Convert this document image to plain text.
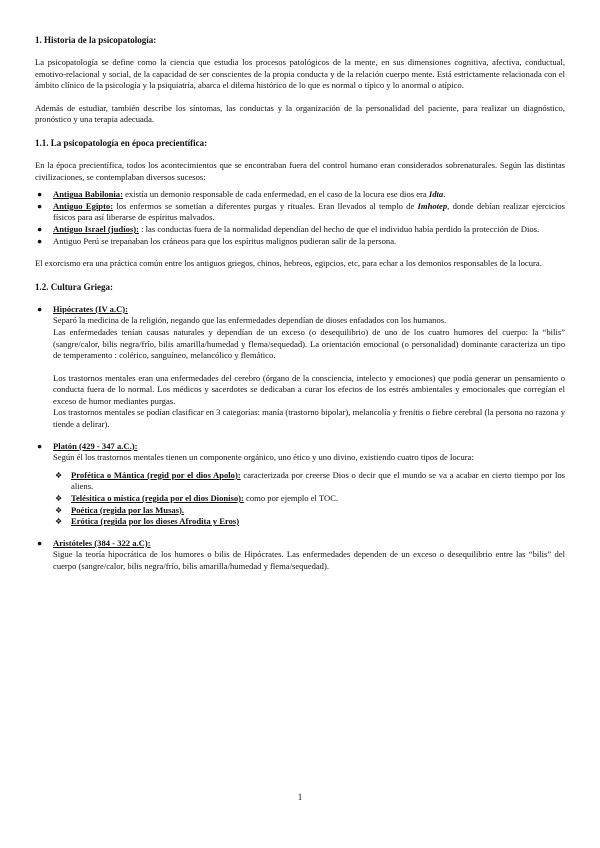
1. Historia de la psicopatología:

La psicopatología se define como la ciencia que estudia los procesos patológicos de la mente, en sus dimensiones cognitiva, afectiva, conductual, emotivo-relacional y social, de la capacidad de ser conscientes de la propia conducta y de la relación cuerpo mente. Está estrictamente relacionada con el ámbito clínico de la psicología y la psiquiatría, abarca el dilema histórico de lo que es normal o típico y lo anormal o atípico.

Además de estudiar, también describe los síntomas, las conductas y la organización de la personalidad del paciente, para realizar un diagnóstico, pronóstico y una terapia adecuada.

1.1. La psicopatología en época precientífica:

En la época precientífica, todos los acontecimientos que se encontraban fuera del control humano eran considerados sobrenaturales. Según las distintas civilizaciones, se contemplaban diversos sucesos:

● Antigua Babilonia: existía un demonio responsable de cada enfermedad, en el caso de la locura ese dios era Idta.
● Antiguo Egipto: los enfermos se sometían a diferentes purgas y rituales. Eran llevados al templo de Imhotep, donde debían realizar ejercicios físicos para así liberarse de espíritus malvados.
● Antiguo Israel (judíos): : las conductas fuera de la normalidad dependían del hecho de que el individuo había perdido la protección de Dios.
● Antiguo Perú se trepanaban los cráneos para que los espíritus malignos pudieran salir de la persona.

El exorcismo era una práctica común entre los antiguos griegos, chinos, hebreos, egipcios, etc, para echar a los demonios responsables de la locura.

1.2. Cultura Griega:
● Hipócrates (IV a.C):

Separó la medicina de la religión, negando que las enfermedades dependían de dioses enfadados con los humanos.

Las enfermedades tenían causas naturales y dependían de un exceso (o desequilibrio) de uno de los cuatro humores del cuerpo: la “bilis” (sangre/calor, bilis negra/frío, bilis amarilla/humedad y flema/sequedad). La orientación emocional (o personalidad) dominante caracteriza un tipo de temperamento : colérico, sanguíneo, melancólico y flemático.

Los trastornos mentales eran una enfermedades del cerebro (órgano de la consciencia, intelecto y emociones) que podía generar un pensamiento o conducta fuera de lo normal. Los médicos y sacerdotes se dedicaban a curar los efectos de los estrés ambientales y emocionales que corregían el exceso de humor mediantes purgas.

Los trastornos mentales se podían clasificar en 3 categorías: manía (trastorno bipolar), melancolía y frenitis o fiebre cerebral (la persona no razona y tiende a delirar).

● Platón (429 - 347 a.C.):

Según él los trastornos mentales tienen un componente orgánico, uno ético y uno divino, existiendo cuatro tipos de locura:

❖ Profética o Mántica (regid por el dios Apolo): caracterizada por creerse Dios o decir que el mundo se va a acabar en cierto tiempo por los aliens.
❖ Telésitica o mística (regida por el dios Dioniso): como por ejemplo el TOC.
❖ Poética (regida por las Musas).
❖ Erótica (regida por los dioses Afrodita y Eros)
● Aristóteles (384 - 322 a.C):

Sigue la teoría hipocrática de los humores o bilis de Hipócrates. Las enfermedades dependen de un exceso o desequilibrio entre las “bilis” del cuerpo (sangre/calor, bilis negra/frío, bilis amarilla/humedad y flema/sequedad).

1
